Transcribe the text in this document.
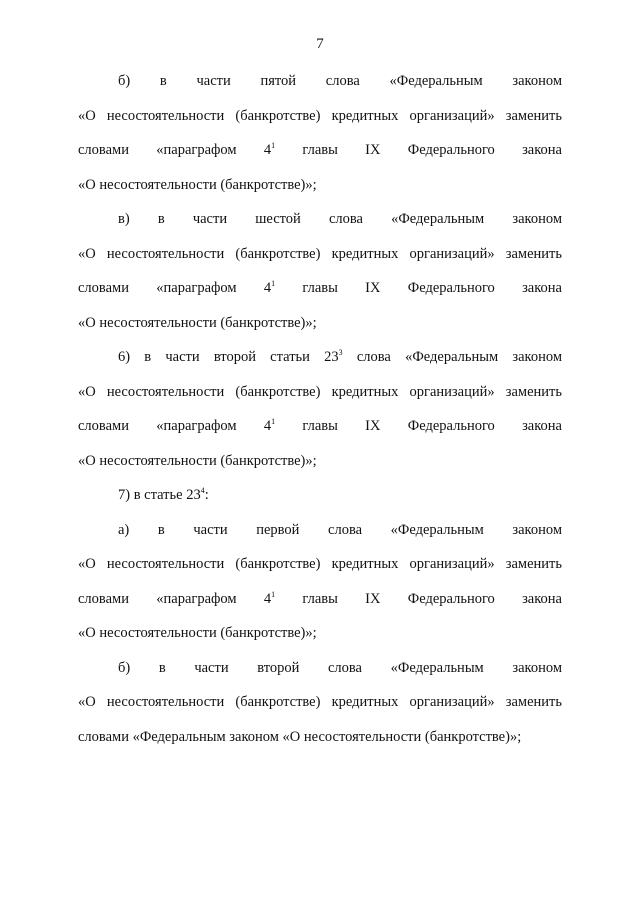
7
б) в части пятой слова «Федеральным законом
«О несостоятельности (банкротстве) кредитных организаций» заменить
словами «параграфом $4^1$ главы IX Федерального закона
«О несостоятельности (банкротстве)»;
в) в части шестой слова «Федеральным законом
«О несостоятельности (банкротстве) кредитных организаций» заменить
словами «параграфом $4^1$ главы IX Федерального закона
«О несостоятельности (банкротстве)»;
6) в части второй статьи $23^3$ слова «Федеральным законом
«О несостоятельности (банкротстве) кредитных организаций» заменить
словами «параграфом $4^1$ главы IX Федерального закона
«О несостоятельности (банкротстве)»;
7) в статье $23^4$:
а) в части первой слова «Федеральным законом
«О несостоятельности (банкротстве) кредитных организаций» заменить
словами «параграфом $4^1$ главы IX Федерального закона
«О несостоятельности (банкротстве)»;
б) в части второй слова «Федеральным законом
«О несостоятельности (банкротстве) кредитных организаций» заменить
словами «Федеральным законом «О несостоятельности (банкротстве)»;
